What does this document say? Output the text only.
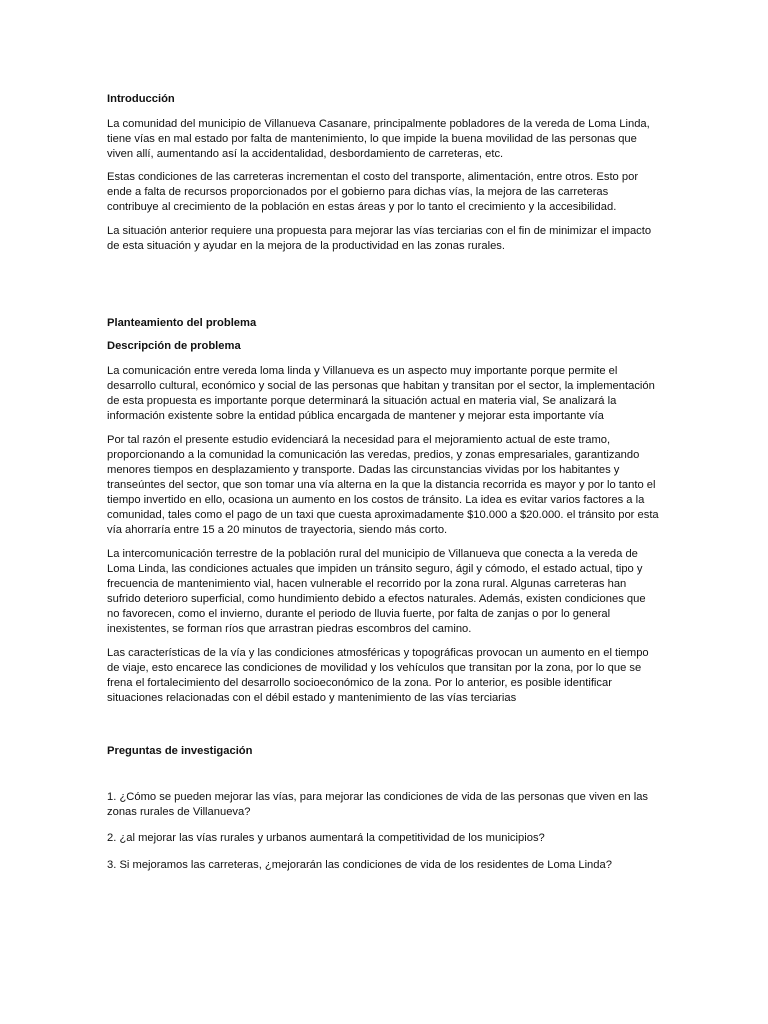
Introducción

La comunidad del municipio de Villanueva Casanare, principalmente pobladores de la vereda de Loma Linda, tiene vías en mal estado por falta de mantenimiento, lo que impide la buena movilidad de las personas que viven allí, aumentando así la accidentalidad, desbordamiento de carreteras, etc.

Estas condiciones de las carreteras incrementan el costo del transporte, alimentación, entre otros. Esto por ende a falta de recursos proporcionados por el gobierno para dichas vías, la mejora de las carreteras contribuye al crecimiento de la población en estas áreas y por lo tanto el crecimiento y la accesibilidad.

La situación anterior requiere una propuesta para mejorar las vías terciarias con el fin de minimizar el impacto de esta situación y ayudar en la mejora de la productividad en las zonas rurales.

Planteamiento del problema

Descripción de problema

La comunicación entre vereda loma linda y Villanueva es un aspecto muy importante porque permite el desarrollo cultural, económico y social de las personas que habitan y transitan por el sector, la implementación de esta propuesta es importante porque determinará la situación actual en materia vial, Se analizará la información existente sobre la entidad pública encargada de mantener y mejorar esta importante vía

Por tal razón el presente estudio evidenciará la necesidad para el mejoramiento actual de este tramo, proporcionando a la comunidad la comunicación las veredas, predios, y zonas empresariales, garantizando menores tiempos en desplazamiento y transporte. Dadas las circunstancias vividas por los habitantes y transeúntes del sector, que son tomar una vía alterna en la que la distancia recorrida es mayor y por lo tanto el tiempo invertido en ello, ocasiona un aumento en los costos de tránsito. La idea es evitar varios factores a la comunidad, tales como el pago de un taxi que cuesta aproximadamente $10.000 a $20.000. el tránsito por esta vía ahorraría entre 15 a 20 minutos de trayectoria, siendo más corto.

La intercomunicación terrestre de la población rural del municipio de Villanueva que conecta a la vereda de Loma Linda, las condiciones actuales que impiden un tránsito seguro, ágil y cómodo, el estado actual, tipo y frecuencia de mantenimiento vial, hacen vulnerable el recorrido por la zona rural. Algunas carreteras han sufrido deterioro superficial, como hundimiento debido a efectos naturales. Además, existen condiciones que no favorecen, como el invierno, durante el periodo de lluvia fuerte, por falta de zanjas o por lo general inexistentes, se forman ríos que arrastran piedras escombros del camino.

Las características de la vía y las condiciones atmosféricas y topográficas provocan un aumento en el tiempo de viaje, esto encarece las condiciones de movilidad y los vehículos que transitan por la zona, por lo que se frena el fortalecimiento del desarrollo socioeconómico de la zona. Por lo anterior, es posible identificar situaciones relacionadas con el débil estado y mantenimiento de las vías terciarias

Preguntas de investigación

1. ¿Cómo se pueden mejorar las vías, para mejorar las condiciones de vida de las personas que viven en las zonas rurales de Villanueva?

2. ¿al mejorar las vías rurales y urbanos aumentará la competitividad de los municipios?

3. Si mejoramos las carreteras, ¿mejorarán las condiciones de vida de los residentes de Loma Linda?
